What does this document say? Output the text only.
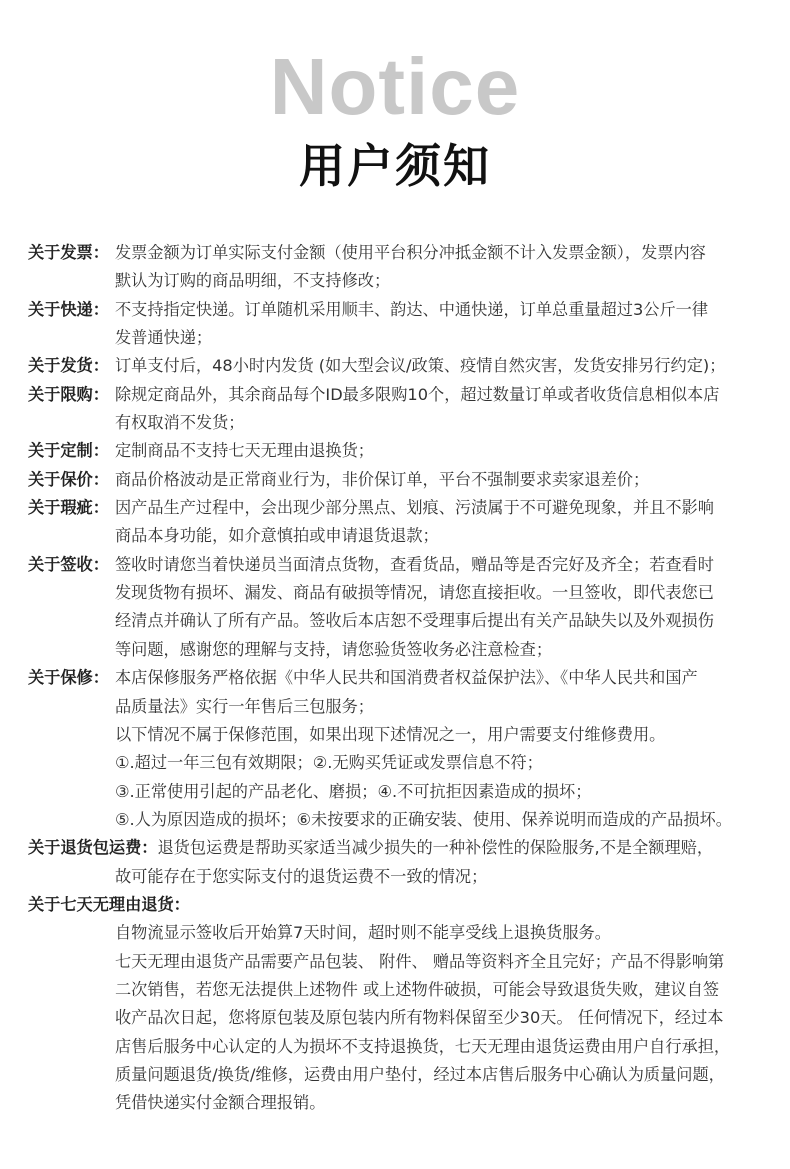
Notice
用户须知
关于发票： 发票金额为订单实际支付金额（使用平台积分冲抵金额不计入发票金额），发票内容
默认为订购的商品明细，不支持修改；
关于快递： 不支持指定快递。订单随机采用顺丰、韵达、中通快递，订单总重量超过3公斤一律
发普通快递；
关于发货： 订单支付后，48小时内发货 (如大型会议/政策、疫情自然灾害，发货安排另行约定)；
关于限购： 除规定商品外，其余商品每个ID最多限购10个，超过数量订单或者收货信息相似本店
有权取消不发货；
关于定制： 定制商品不支持七天无理由退换货；
关于保价： 商品价格波动是正常商业行为，非价保订单，平台不强制要求卖家退差价；
关于瑕疵： 因产品生产过程中，会出现少部分黑点、划痕、污渍属于不可避免现象，并且不影响
商品本身功能，如介意慎拍或申请退货退款；
关于签收： 签收时请您当着快递员当面清点货物，查看货品，赠品等是否完好及齐全；若查看时
发现货物有损坏、漏发、商品有破损等情况，请您直接拒收。一旦签收，即代表您已
经清点并确认了所有产品。签收后本店恕不受理事后提出有关产品缺失以及外观损伤
等问题，感谢您的理解与支持，请您验货签收务必注意检查；
关于保修： 本店保修服务严格依据《中华人民共和国消费者权益保护法》、《中华人民共和国产
品质量法》实行一年售后三包服务；
以下情况不属于保修范围，如果出现下述情况之一，用户需要支付维修费用。
①.超过一年三包有效期限；②.无购买凭证或发票信息不符；
③.正常使用引起的产品老化、磨损；④.不可抗拒因素造成的损坏；
⑤.人为原因造成的损坏；⑥未按要求的正确安装、使用、保养说明而造成的产品损坏。
关于退货包运费：退货包运费是帮助买家适当减少损失的一种补偿性的保险服务,不是全额理赔，
故可能存在于您实际支付的退货运费不一致的情况；
关于七天无理由退货：
自物流显示签收后开始算7天时间，超时则不能享受线上退换货服务。
七天无理由退货产品需要产品包装、 附件、 赠品等资料齐全且完好；产品不得影响第
二次销售，若您无法提供上述物件 或上述物件破损，可能会导致退货失败，建议自签
收产品次日起，您将原包装及原包装内所有物料保留至少30天。 任何情况下，经过本
店售后服务中心认定的人为损坏不支持退换货，七天无理由退货运费由用户自行承担，
质量问题退货/换货/维修，运费由用户垫付，经过本店售后服务中心确认为质量问题，
凭借快递实付金额合理报销。
